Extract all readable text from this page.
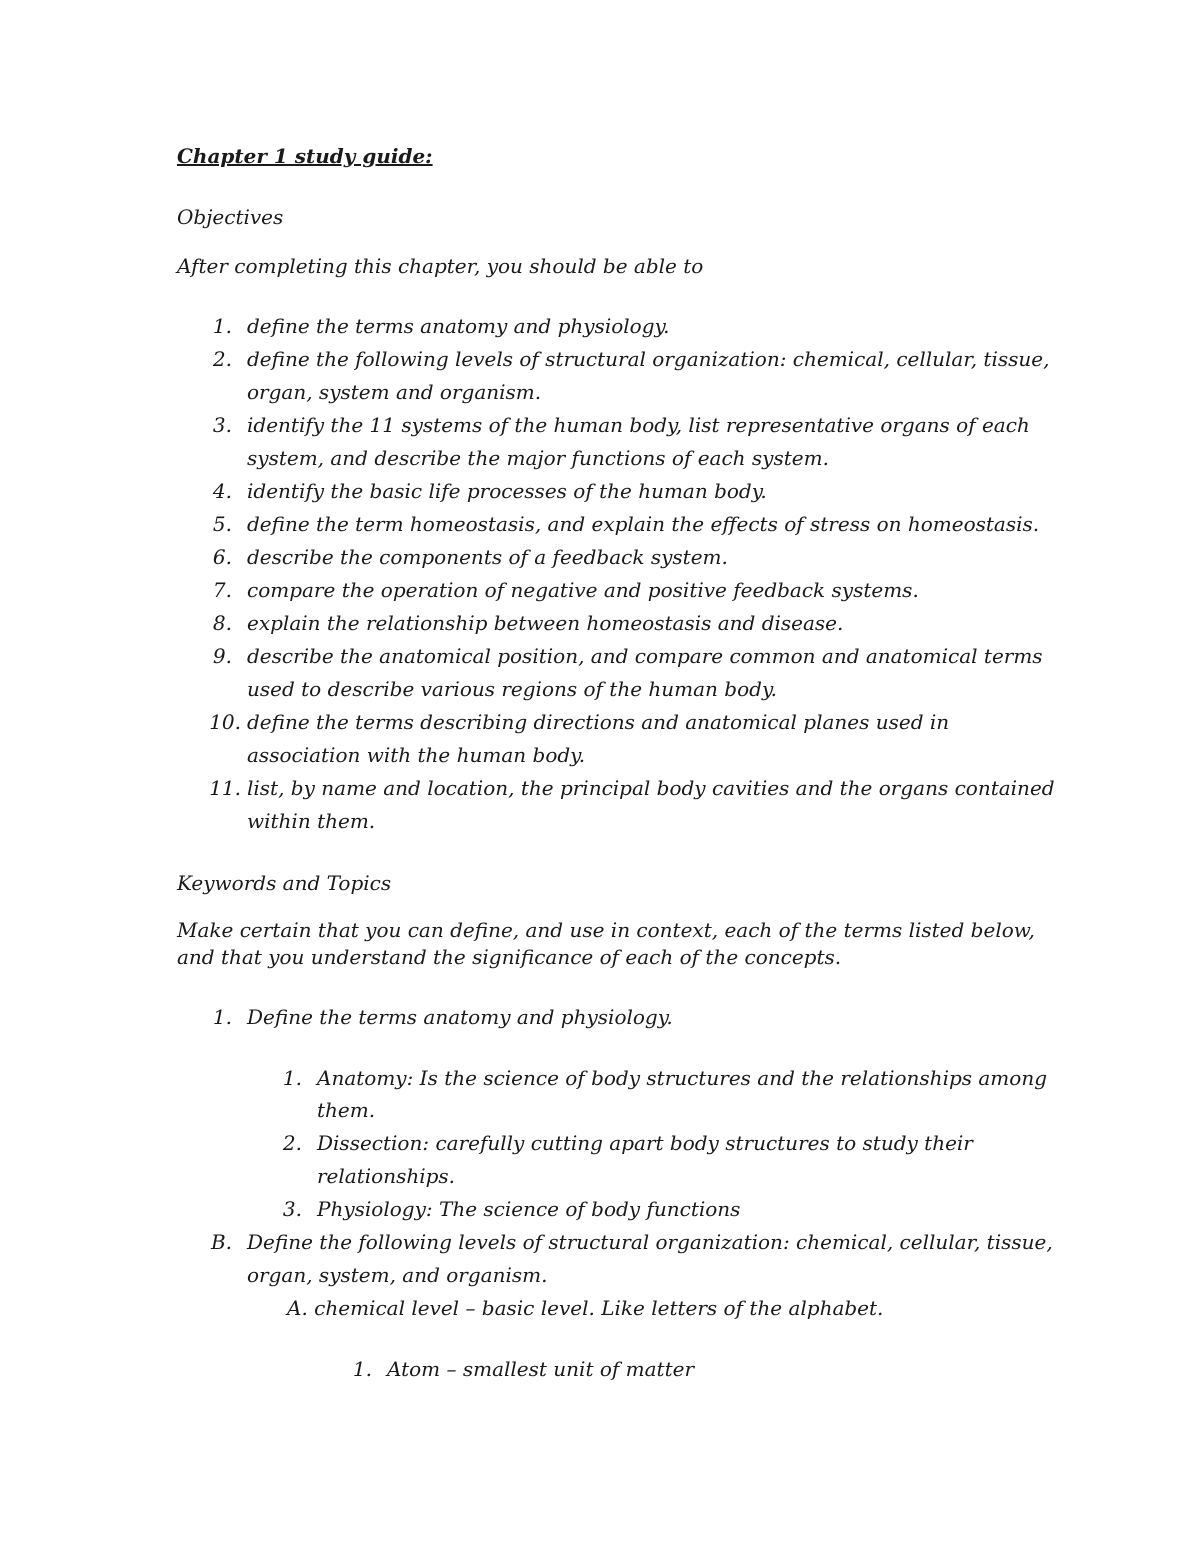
Chapter 1 study guide:
Objectives
After completing this chapter, you should be able to
1. define the terms anatomy and physiology.
2. define the following levels of structural organization: chemical, cellular, tissue,
organ, system and organism.
3. identify the 11 systems of the human body, list representative organs of each
system, and describe the major functions of each system.
4. identify the basic life processes of the human body.
5. define the term homeostasis, and explain the effects of stress on homeostasis.
6. describe the components of a feedback system.
7. compare the operation of negative and positive feedback systems.
8. explain the relationship between homeostasis and disease.
9. describe the anatomical position, and compare common and anatomical terms
used to describe various regions of the human body.
10. define the terms describing directions and anatomical planes used in
association with the human body.
11. list, by name and location, the principal body cavities and the organs contained
within them.
Keywords and Topics
Make certain that you can define, and use in context, each of the terms listed below,
and that you understand the significance of each of the concepts.
1. Define the terms anatomy and physiology.
1. Anatomy: Is the science of body structures and the relationships among
them.
2. Dissection: carefully cutting apart body structures to study their
relationships.
3. Physiology: The science of body functions
B. Define the following levels of structural organization: chemical, cellular, tissue,
organ, system, and organism.
A. chemical level – basic level. Like letters of the alphabet.
1. Atom – smallest unit of matter
